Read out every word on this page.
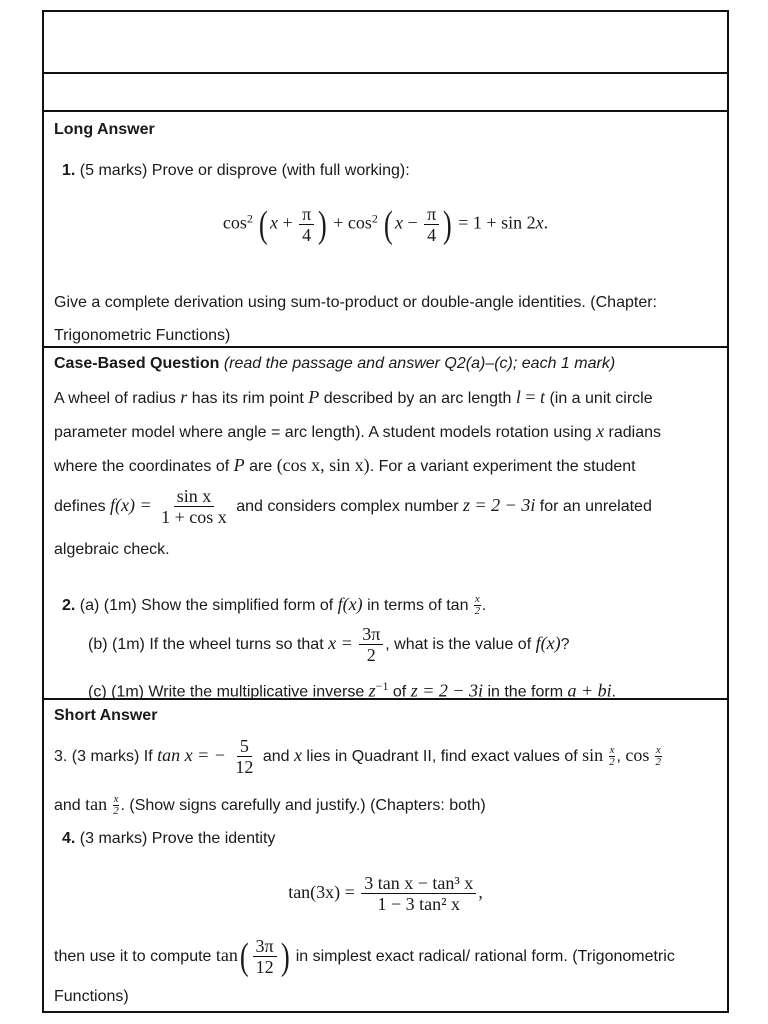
Long Answer
1. (5 marks) Prove or disprove (with full working):
$\cos^2$ ( $x + \frac{\pi}{4}$ ) + $\cos^2$ ( $x - \frac{\pi}{4}$ ) = 1 + sin 2x.
Give a complete derivation using sum-to-product or double-angle identities. (Chapter: Trigonometric Functions)
Case-Based Question (read the passage and answer Q2(a)–(c); each 1 mark)
A wheel of radius r has its rim point P described by an arc length l = t (in a unit circle
parameter model where angle = arc length). A student models rotation using x radians
where the coordinates of P are (cos x, sin x). For a variant experiment the student
defines $f(x) = \frac{\text{sin x}}{\text{1 + cos x}}$ and considers complex number z = 2 − 3i for an unrelated
algebraic check.
2. (a) (1m) Show the simplified form of f(x) in terms of $\tan \frac{x}{2}$ .
(b) (1m) If the wheel turns so that $x = \frac{3\pi}{2}$ , what is the value of f(x)?
(c) (1m) Write the multiplicative inverse $z^{-1}$ of z = 2 − 3i in the form a + bi.
Short Answer
3. (3 marks) If tan x = − $\frac{5}{12}$ and x lies in Quadrant II, find exact values of $\sin \frac{x}{2}$ , $\cos \frac{x}{2}$
and $\tan \frac{x}{2}$ . (Show signs carefully and justify.) (Chapters: both)
4. (3 marks) Prove the identity
$\tan(3x) = \frac{\text{3 tan x − tan³ x}}{\text{1 − 3 tan² x}}$ ,
then use it to compute $\tan( \frac{3\pi}{12}$ ) in simplest exact radical/ rational form. (Trigonometric
Functions)
